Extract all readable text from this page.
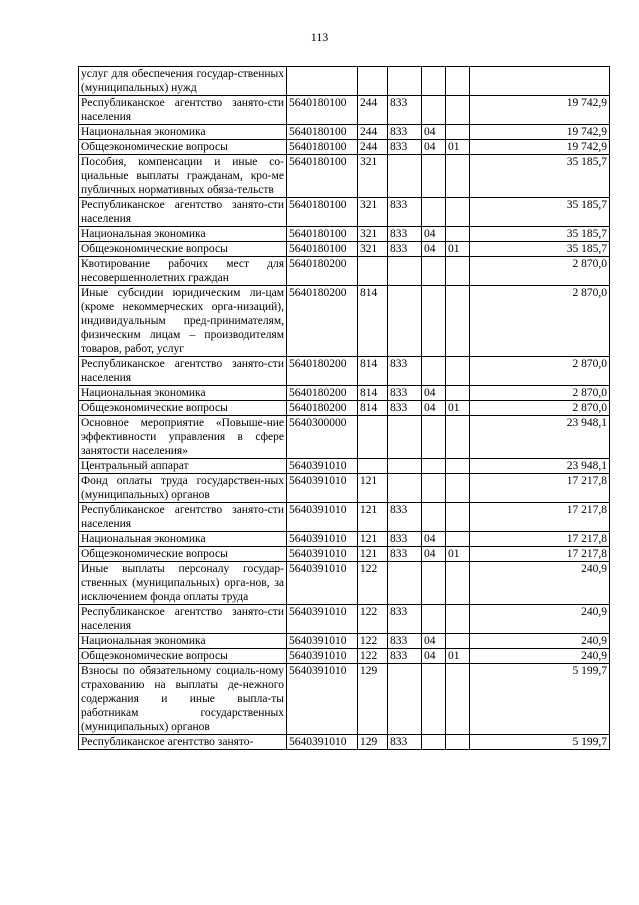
113
услуг для обеспечения государ-ственных (муниципальных) нужд						
Республиканское агентство занято-сти населения	5640180100	244	833			19 742,9
Национальная экономика	5640180100	244	833	04		19 742,9
Общеэкономические вопросы	5640180100	244	833	04	01	19 742,9
Пособия, компенсации и иные со-циальные выплаты гражданам, кро-ме публичных нормативных обяза-тельств	5640180100	321				35 185,7
Республиканское агентство занято-сти населения	5640180100	321	833			35 185,7
Национальная экономика	5640180100	321	833	04		35 185,7
Общеэкономические вопросы	5640180100	321	833	04	01	35 185,7
Квотирование рабочих мест для несовершеннолетних граждан	5640180200					2 870,0
Иные субсидии юридическим ли-цам (кроме некоммерческих орга-низаций), индивидуальным пред-принимателям, физическим лицам – производителям товаров, работ, услуг	5640180200	814				2 870,0
Республиканское агентство занято-сти населения	5640180200	814	833			2 870,0
Национальная экономика	5640180200	814	833	04		2 870,0
Общеэкономические вопросы	5640180200	814	833	04	01	2 870,0
Основное мероприятие «Повыше-ние эффективности управления в сфере занятости населения»	5640300000					23 948,1
Центральный аппарат	5640391010					23 948,1
Фонд оплаты труда государствен-ных (муниципальных) органов	5640391010	121				17 217,8
Республиканское агентство занято-сти населения	5640391010	121	833			17 217,8
Национальная экономика	5640391010	121	833	04		17 217,8
Общеэкономические вопросы	5640391010	121	833	04	01	17 217,8
Иные выплаты персоналу государ-ственных (муниципальных) орга-нов, за исключением фонда оплаты труда	5640391010	122				240,9
Республиканское агентство занято-сти населения	5640391010	122	833			240,9
Национальная экономика	5640391010	122	833	04		240,9
Общеэкономические вопросы	5640391010	122	833	04	01	240,9
Взносы по обязательному социаль-ному страхованию на выплаты де-нежного содержания и иные выпла-ты работникам государственных (муниципальных) органов	5640391010	129				5 199,7
Республиканское агентство занято-	5640391010	129	833			5 199,7
